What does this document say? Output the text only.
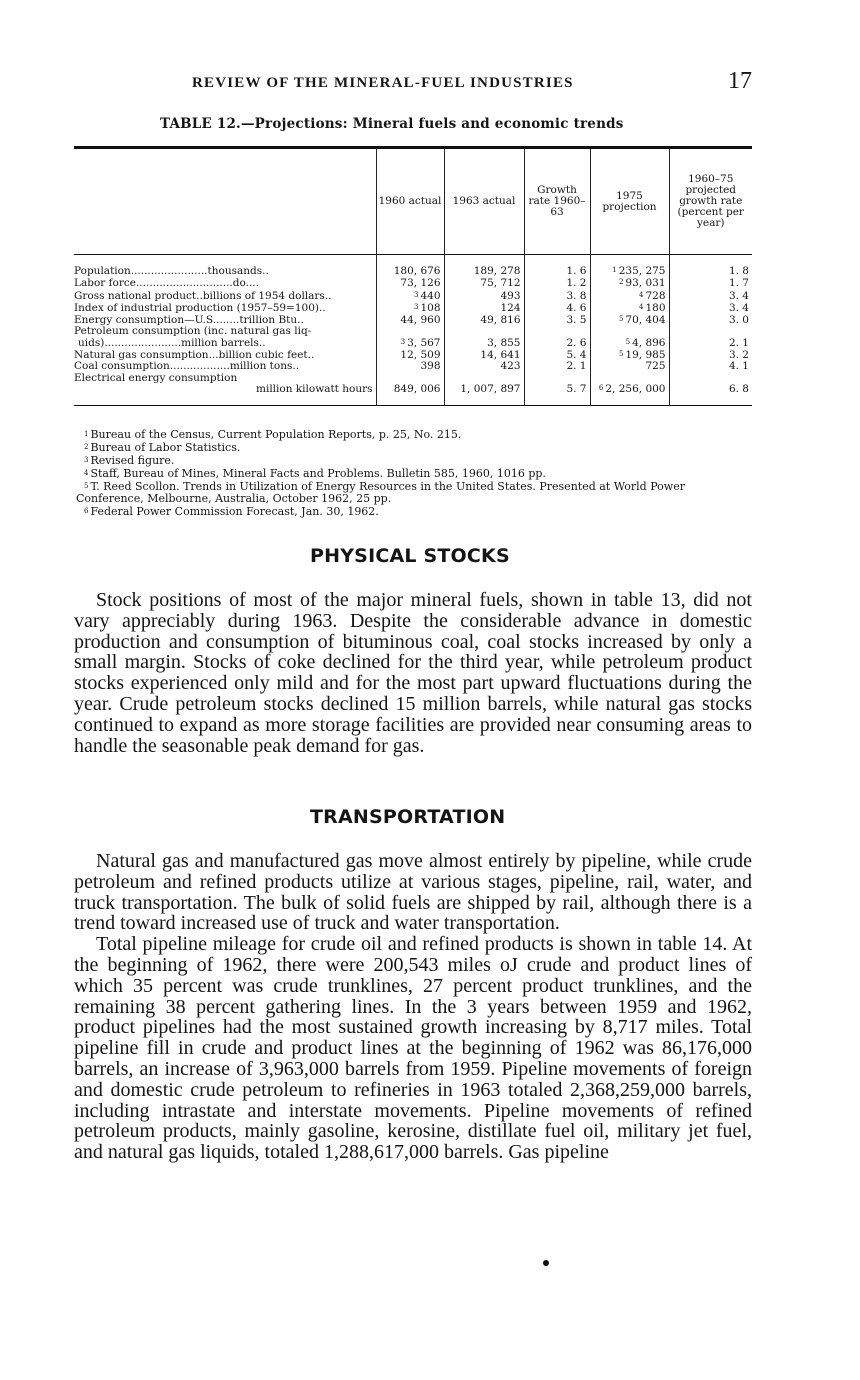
REVIEW OF THE MINERAL-FUEL INDUSTRIES	17
TABLE 12.—Projections: Mineral fuels and economic trends
	1960 actual	1963 actual	Growth rate 1960–63	1975 projection	1960–75 projected growth rate (percent per year)
Population.......................thousands..	180, 676	189, 278	1. 6	$^1$ 235, 275	1. 8
Labor force.............................do....	73, 126	75, 712	1. 2	$^2$ 93, 031	1. 7
Gross national product..billions of 1954 dollars..	$^3$ 440	493	3. 8	$^4$ 728	3. 4
Index of industrial production (1957–59=100)..	$^3$ 108	124	4. 6	$^4$ 180	3. 4
Energy consumption—U.S........trillion Btu..	44, 960	49, 816	3. 5	$^5$ 70, 404	3. 0
Petroleum consumption (inc. natural gas liq-
uids).......................million barrels..	$^3$ 3, 567	3, 855	2. 6	$^5$ 4, 896	2. 1
Natural gas consumption...billion cubic feet..	12, 509	14, 641	5. 4	$^5$ 19, 985	3. 2
Coal consumption..................million tons..	398	423	2. 1	725	4. 1
Electrical energy consumption

million kilowatt hours	849, 006	1, 007, 897	5. 7	$^6$ 2, 256, 000	6. 8
$^1$ Bureau of the Census, Current Population Reports, p. 25, No. 215.
$^2$ Bureau of Labor Statistics.
$^3$ Revised figure.
$^4$ Staff, Bureau of Mines, Mineral Facts and Problems. Bulletin 585, 1960, 1016 pp.
$^5$ T. Reed Scollon. Trends in Utilization of Energy Resources in the United States. Presented at World Power Conference, Melbourne, Australia, October 1962, 25 pp.
$^6$ Federal Power Commission Forecast, Jan. 30, 1962.
PHYSICAL STOCKS

Stock positions of most of the major mineral fuels, shown in table 13, did not vary appreciably during 1963. Despite the considerable advance in domestic production and consumption of bituminous coal, coal stocks increased by only a small margin. Stocks of coke declined for the third year, while petroleum product stocks experienced only mild and for the most part upward fluctuations during the year. Crude petroleum stocks declined 15 million barrels, while natural gas stocks continued to expand as more storage facilities are provided near consuming areas to handle the seasonable peak demand for gas.

TRANSPORTATION

Natural gas and manufactured gas move almost entirely by pipeline, while crude petroleum and refined products utilize at various stages, pipeline, rail, water, and truck transportation. The bulk of solid fuels are shipped by rail, although there is a trend toward increased use of truck and water transportation.

Total pipeline mileage for crude oil and refined products is shown in table 14. At the beginning of 1962, there were 200,543 miles oJ crude and product lines of which 35 percent was crude trunklines, 27 percent product trunklines, and the remaining 38 percent gathering lines. In the 3 years between 1959 and 1962, product pipelines had the most sustained growth increasing by 8,717 miles. Total pipeline fill in crude and product lines at the beginning of 1962 was 86,176,000 barrels, an increase of 3,963,000 barrels from 1959. Pipeline movements of foreign and domestic crude petroleum to refineries in 1963 totaled 2,368,259,000 barrels, including intrastate and interstate movements. Pipeline movements of refined petroleum products, mainly gasoline, kerosine, distillate fuel oil, military jet fuel, and natural gas liquids, totaled 1,288,617,000 barrels. Gas pipeline
